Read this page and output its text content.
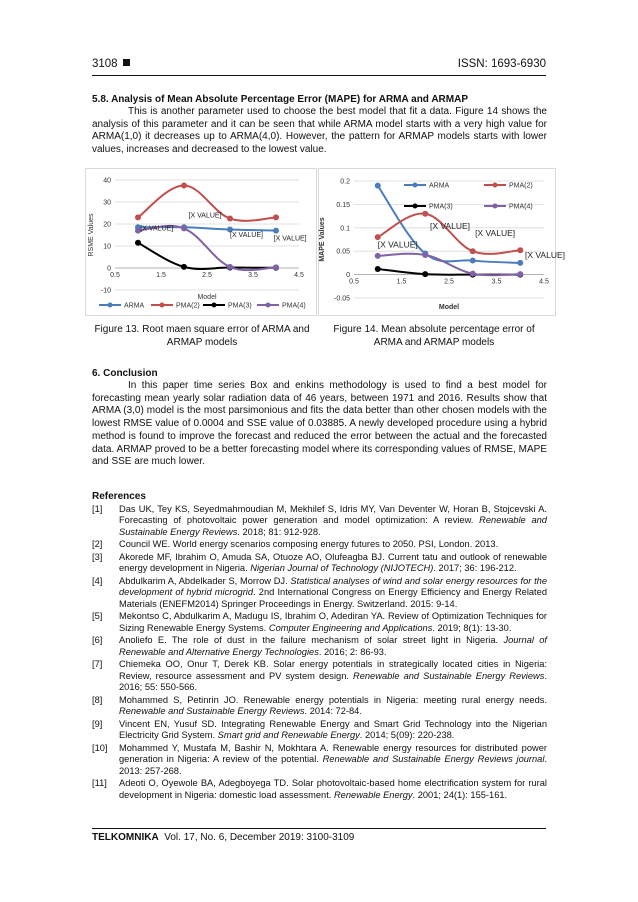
3108	ISSN: 1693-6930
5.8. Analysis of Mean Absolute Percentage Error (MAPE) for ARMA and ARMAP
This is another parameter used to choose the best model that fit a data. Figure 14 shows the analysis of this parameter and it can be seen that while ARMA model starts with a very high value for ARMA(1,0) it decreases up to ARMA(4,0). However, the pattern for ARMAP models starts with lower values, increases and decreased to the lowest value.
-10
0
10
20
30
40
0.5	1.5	2.5	3.5	4.5
RSME Values
Model
[X VALUE]
[X VALUE]
[X VALUE] [X VALUE]
ARMA	PMA(2)	PMA(3)	PMA(4)
-0.05
0
0.05
0.1
0.15
0.2
0.5	1.5	2.5	3.5	4.5
MAPE Values
Model
[X VALUE]
[X VALUE]
[X VALUE]
[X VALUE]
ARMA	PMA(2)
PMA(3)	PMA(4)
Figure 13. Root maen square error of ARMA and ARMAP models
Figure 14. Mean absolute percentage error of ARMA and ARMAP models
6. Conclusion
In this paper time series Box and enkins methodology is used to find a best model for forecasting mean yearly solar radiation data of 46 years, between 1971 and 2016. Results show that ARMA (3,0) model is the most parsimonious and fits the data better than other chosen models with the lowest RMSE value of 0.0004 and SSE value of 0.03885. A newly developed procedure using a hybrid method is found to improve the forecast and reduced the error between the actual and the forecasted data. ARMAP proved to be a better forecasting model where its corresponding values of RMSE, MAPE and SSE are much lower.
References
[1]	Das UK, Tey KS, Seyedmahmoudian M, Mekhilef S, Idris MY, Van Deventer W, Horan B, Stojcevski A. Forecasting of photovoltaic power generation and model optimization: A review. Renewable and Sustainable Energy Reviews. 2018; 81: 912-928.
[2]	Council WE. World energy scenarios composing energy futures to 2050. PSI, London. 2013.
[3]	Akorede MF, Ibrahim O, Amuda SA, Otuoze AO, Olufeagba BJ. Current tatu and outlook of renewable energy development in Nigeria. Nigerian Journal of Technology (NIJOTECH). 2017; 36: 196-212.
[4]	Abdulkarim A, Abdelkader S, Morrow DJ. Statistical analyses of wind and solar energy resources for the development of hybrid microgrid. 2nd International Congress on Energy Efficiency and Energy Related Materials (ENEFM2014) Springer Proceedings in Energy. Switzerland. 2015: 9-14.
[5]	Mekontso C, Abdulkarim A, Madugu IS, Ibrahim O, Adediran YA. Review of Optimization Techniques for Sizing Renewable Energy Systems. Computer Engineering and Applications. 2019; 8(1): 13-30.
[6]	Anoliefo E. The role of dust in the failure mechanism of solar street light in Nigeria. Journal of Renewable and Alternative Energy Technologies. 2016; 2: 86-93.
[7]	Chiemeka OO, Onur T, Derek KB. Solar energy potentials in strategically located cities in Nigeria: Review, resource assessment and PV system design. Renewable and Sustainable Energy Reviews. 2016; 55: 550-566.
[8]	Mohammed S, Petinrin JO. Renewable energy potentials in Nigeria: meeting rural energy needs. Renewable and Sustainable Energy Reviews. 2014: 72-84.
[9]	Vincent EN, Yusuf SD. Integrating Renewable Energy and Smart Grid Technology into the Nigerian Electricity Grid System. Smart grid and Renewable Energy. 2014; 5(09): 220-238.
[10]	Mohammed Y, Mustafa M, Bashir N, Mokhtara A. Renewable energy resources for distributed power generation in Nigeria: A review of the potential. Renewable and Sustainable Energy Reviews journal. 2013: 257-268.
[11]	Adeoti O, Oyewole BA, Adegboyega TD. Solar photovoltaic-based home electrification system for rural development in Nigeria: domestic load assessment. Renewable Energy. 2001; 24(1): 155-161.
TELKOMNIKA Vol. 17, No. 6, December 2019: 3100-3109
